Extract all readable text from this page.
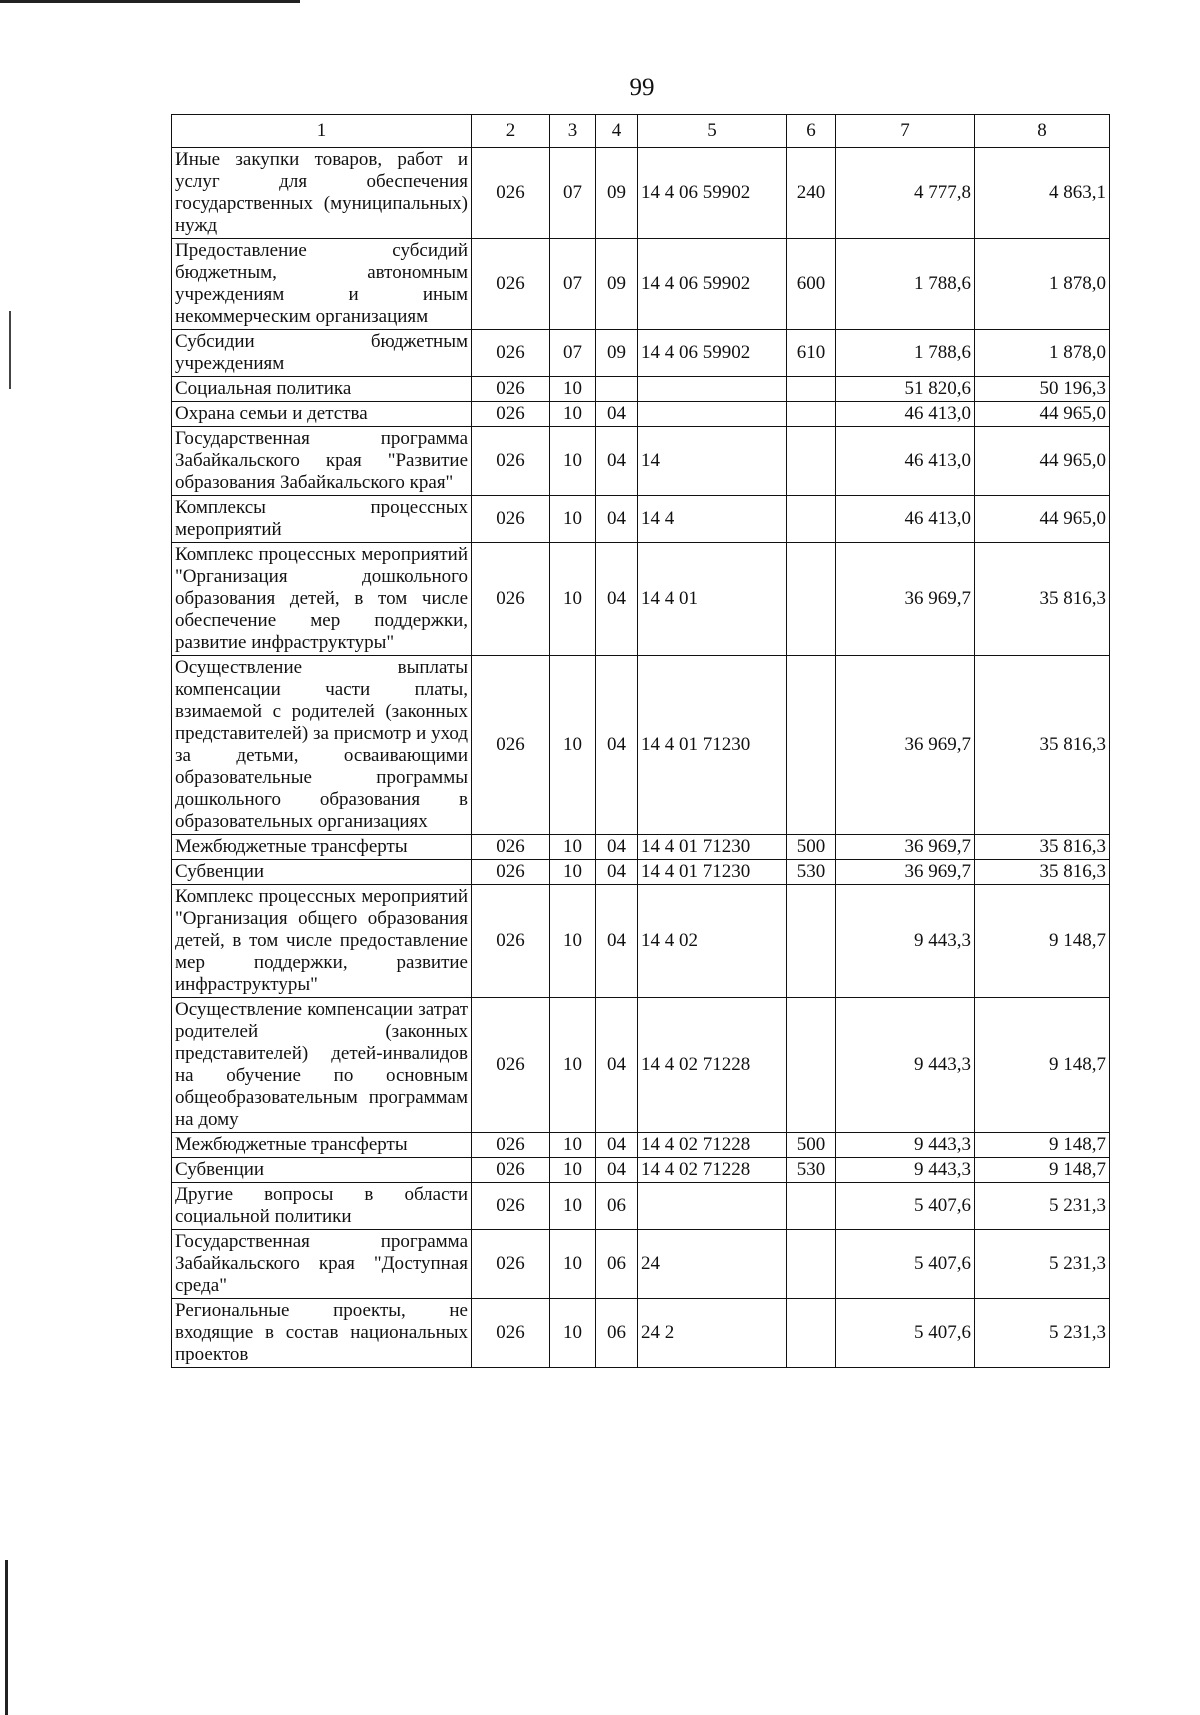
99
1	2	3	4	5	6	7	8
Иные закупки товаров, работ и услуг для обеспечения государственных (муниципальных) нужд	026	07	09	14 4 06 59902	240	4 777,8	4 863,1
Предоставление субсидий бюджетным, автономным учреждениям и иным некоммерческим организациям	026	07	09	14 4 06 59902	600	1 788,6	1 878,0
Субсидии бюджетным учреждениям	026	07	09	14 4 06 59902	610	1 788,6	1 878,0
Социальная политика	026	10				51 820,6	50 196,3
Охрана семьи и детства	026	10	04			46 413,0	44 965,0
Государственная программа Забайкальского края "Развитие образования Забайкальского края"	026	10	04	14		46 413,0	44 965,0
Комплексы процессных мероприятий	026	10	04	14 4		46 413,0	44 965,0
Комплекс процессных мероприятий "Организация дошкольного образования детей, в том числе обеспечение мер поддержки, развитие инфраструктуры"	026	10	04	14 4 01		36 969,7	35 816,3
Осуществление выплаты компенсации части платы, взимаемой с родителей (законных представителей) за присмотр и уход за детьми, осваивающими образовательные программы дошкольного образования в образовательных организациях	026	10	04	14 4 01 71230		36 969,7	35 816,3
Межбюджетные трансферты	026	10	04	14 4 01 71230	500	36 969,7	35 816,3
Субвенции	026	10	04	14 4 01 71230	530	36 969,7	35 816,3
Комплекс процессных мероприятий "Организация общего образования детей, в том числе предоставление мер поддержки, развитие инфраструктуры"	026	10	04	14 4 02		9 443,3	9 148,7
Осуществление компенсации затрат родителей (законных представителей) детей-инвалидов на обучение по основным общеобразовательным программам на дому	026	10	04	14 4 02 71228		9 443,3	9 148,7
Межбюджетные трансферты	026	10	04	14 4 02 71228	500	9 443,3	9 148,7
Субвенции	026	10	04	14 4 02 71228	530	9 443,3	9 148,7
Другие вопросы в области социальной политики	026	10	06			5 407,6	5 231,3
Государственная программа Забайкальского края "Доступная среда"	026	10	06	24		5 407,6	5 231,3
Региональные проекты, не входящие в состав национальных проектов	026	10	06	24 2		5 407,6	5 231,3
